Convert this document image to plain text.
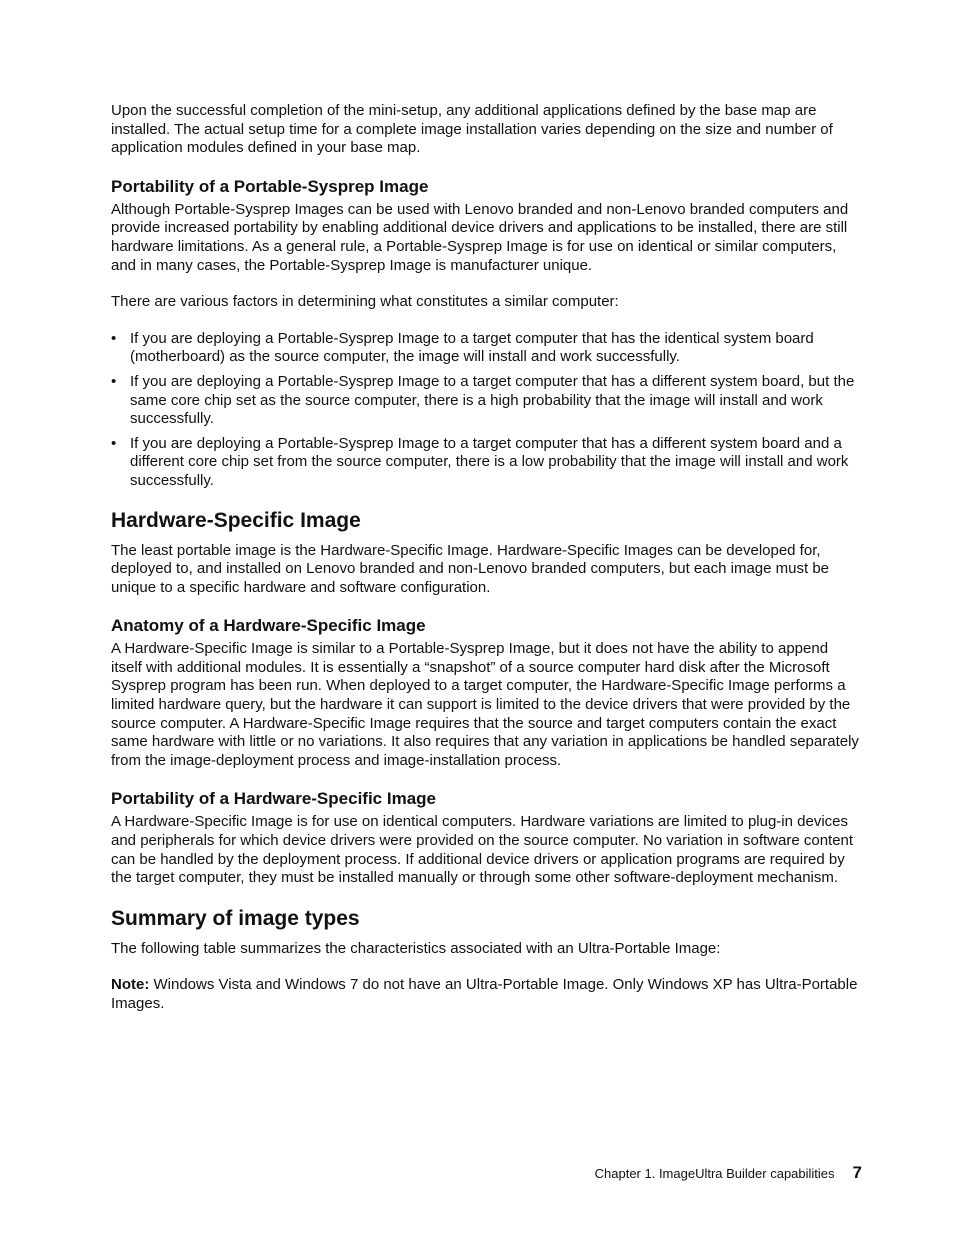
Upon the successful completion of the mini-setup, any additional applications defined by the base map are installed. The actual setup time for a complete image installation varies depending on the size and number of application modules defined in your base map.

Portability of a Portable-Sysprep Image

Although Portable-Sysprep Images can be used with Lenovo branded and non-Lenovo branded computers and provide increased portability by enabling additional device drivers and applications to be installed, there are still hardware limitations. As a general rule, a Portable-Sysprep Image is for use on identical or similar computers, and in many cases, the Portable-Sysprep Image is manufacturer unique.

There are various factors in determining what constitutes a similar computer:

• If you are deploying a Portable-Sysprep Image to a target computer that has the identical system board (motherboard) as the source computer, the image will install and work successfully.
• If you are deploying a Portable-Sysprep Image to a target computer that has a different system board, but the same core chip set as the source computer, there is a high probability that the image will install and work successfully.
• If you are deploying a Portable-Sysprep Image to a target computer that has a different system board and a different core chip set from the source computer, there is a low probability that the image will install and work successfully.
Hardware-Specific Image

The least portable image is the Hardware-Specific Image. Hardware-Specific Images can be developed for, deployed to, and installed on Lenovo branded and non-Lenovo branded computers, but each image must be unique to a specific hardware and software configuration.

Anatomy of a Hardware-Specific Image

A Hardware-Specific Image is similar to a Portable-Sysprep Image, but it does not have the ability to append itself with additional modules. It is essentially a “snapshot” of a source computer hard disk after the Microsoft Sysprep program has been run. When deployed to a target computer, the Hardware-Specific Image performs a limited hardware query, but the hardware it can support is limited to the device drivers that were provided by the source computer. A Hardware-Specific Image requires that the source and target computers contain the exact same hardware with little or no variations. It also requires that any variation in applications be handled separately from the image-deployment process and image-installation process.

Portability of a Hardware-Specific Image

A Hardware-Specific Image is for use on identical computers. Hardware variations are limited to plug-in devices and peripherals for which device drivers were provided on the source computer. No variation in software content can be handled by the deployment process. If additional device drivers or application programs are required by the target computer, they must be installed manually or through some other software-deployment mechanism.

Summary of image types

The following table summarizes the characteristics associated with an Ultra-Portable Image:

Note: Windows Vista and Windows 7 do not have an Ultra-Portable Image. Only Windows XP has Ultra-Portable Images.

Chapter 1. ImageUltra Builder capabilities 7
